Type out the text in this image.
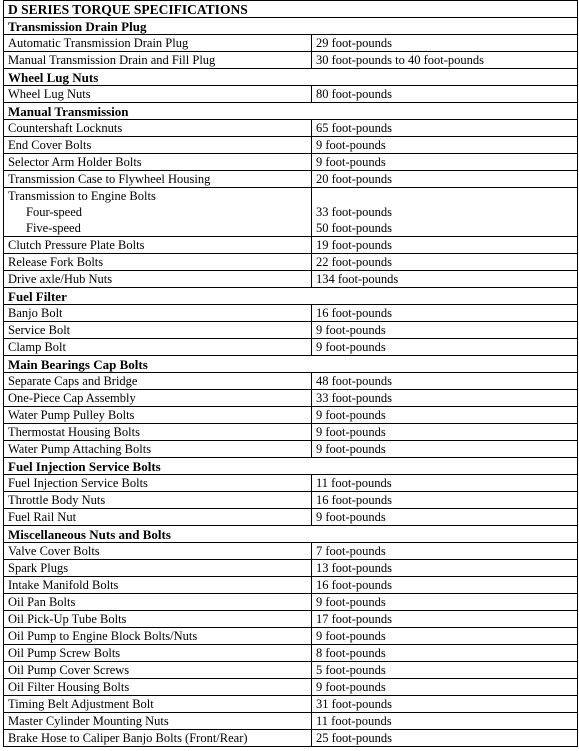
D SERIES TORQUE SPECIFICATIONS	
Transmission Drain Plug	
Automatic Transmission Drain Plug	29 foot-pounds
Manual Transmission Drain and Fill Plug	30 foot-pounds to 40 foot-pounds
Wheel Lug Nuts	
Wheel Lug Nuts	80 foot-pounds
Manual Transmission	
Countershaft Locknuts	65 foot-pounds
End Cover Bolts	9 foot-pounds
Selector Arm Holder Bolts	9 foot-pounds
Transmission Case to Flywheel Housing	20 foot-pounds
Transmission to Engine Bolts	
Four-speed	33 foot-pounds
Five-speed	50 foot-pounds
Clutch Pressure Plate Bolts	19 foot-pounds
Release Fork Bolts	22 foot-pounds
Drive axle/Hub Nuts	134 foot-pounds
Fuel Filter	
Banjo Bolt	16 foot-pounds
Service Bolt	9 foot-pounds
Clamp Bolt	9 foot-pounds
Main Bearings Cap Bolts	
Separate Caps and Bridge	48 foot-pounds
One-Piece Cap Assembly	33 foot-pounds
Water Pump Pulley Bolts	9 foot-pounds
Thermostat Housing Bolts	9 foot-pounds
Water Pump Attaching Bolts	9 foot-pounds
Fuel Injection Service Bolts	
Fuel Injection Service Bolts	11 foot-pounds
Throttle Body Nuts	16 foot-pounds
Fuel Rail Nut	9 foot-pounds
Miscellaneous Nuts and Bolts	
Valve Cover Bolts	7 foot-pounds
Spark Plugs	13 foot-pounds
Intake Manifold Bolts	16 foot-pounds
Oil Pan Bolts	9 foot-pounds
Oil Pick-Up Tube Bolts	17 foot-pounds
Oil Pump to Engine Block Bolts/Nuts	9 foot-pounds
Oil Pump Screw Bolts	8 foot-pounds
Oil Pump Cover Screws	5 foot-pounds
Oil Filter Housing Bolts	9 foot-pounds
Timing Belt Adjustment Bolt	31 foot-pounds
Master Cylinder Mounting Nuts	11 foot-pounds
Brake Hose to Caliper Banjo Bolts (Front/Rear)	25 foot-pounds
